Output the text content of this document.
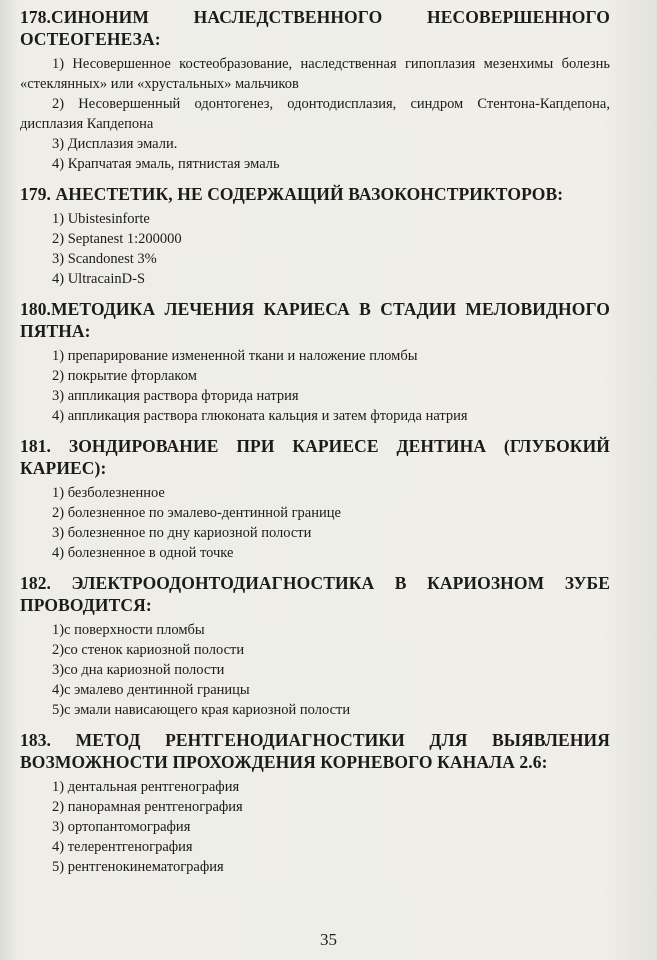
178.СИНОНИМ НАСЛЕДСТВЕННОГО НЕСОВЕРШЕННОГО ОСТЕОГЕНЕЗА:

1) Несовершенное костеобразование, наследственная гипоплазия мезенхимы болезнь «стеклянных» или «хрустальных» мальчиков
2) Несовершенный одонтогенез, одонтодисплазия, синдром Стентона-Капдепона, дисплазия Капдепона
3) Дисплазия эмали.
4) Крапчатая эмаль, пятнистая эмаль

179. АНЕСТЕТИК, НЕ СОДЕРЖАЩИЙ ВАЗОКОНСТРИКТОРОВ:

1) Ubistesinforte
2) Septanest 1:200000
3) Scandonest 3%
4) UltracainD-S

180.МЕТОДИКА ЛЕЧЕНИЯ КАРИЕСА В СТАДИИ МЕЛОВИДНОГО ПЯТНА:

1) препарирование измененной ткани и наложение пломбы
2) покрытие фторлаком
3) аппликация раствора фторида натрия
4) аппликация раствора глюконата кальция и затем фторида натрия

181. ЗОНДИРОВАНИЕ ПРИ КАРИЕСЕ ДЕНТИНА (ГЛУБОКИЙ КАРИЕС):

1) безболезненное
2) болезненное по эмалево-дентинной границе
3) болезненное по дну кариозной полости
4) болезненное в одной точке

182. ЭЛЕКТРООДОНТОДИАГНОСТИКА В КАРИОЗНОМ ЗУБЕ ПРОВОДИТСЯ:

1)с поверхности пломбы
2)со стенок кариозной полости
3)со дна кариозной полости
4)с эмалево дентинной границы
5)с эмали нависающего края кариозной полости

183. МЕТОД РЕНТГЕНОДИАГНОСТИКИ ДЛЯ ВЫЯВЛЕНИЯ ВОЗМОЖНОСТИ ПРОХОЖДЕНИЯ КОРНЕВОГО КАНАЛА 2.6:

1) дентальная рентгенография
2) панорамная рентгенография
3) ортопантомография
4) телерентгенография
5) рентгенокинематография
35
